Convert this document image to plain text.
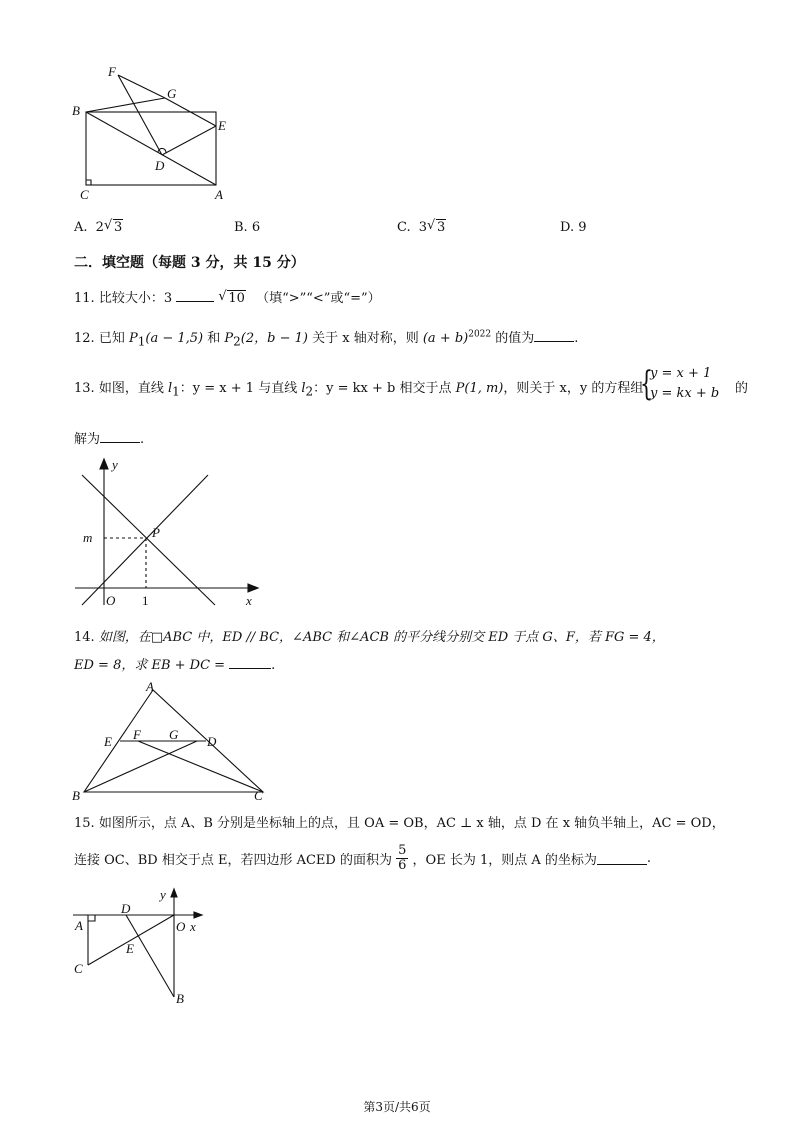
F
G
B
E
D
C	A
A. 2 √ 3	B. 6	C. 3 √ 3	D. 9
二．填空题（每题 3 分，共 15 分）
11. 比较大小：3	√ 10 （填“>”“<”或“=”）
12. 已知 $P_1(a - 1,5)$ 和 $P_2(2$，b − 1) 关于 x 轴对称，则 $(a + b)^{2022}$ 的值为	.
13. 如图，直线 $l_1$：y = x + 1 与直线 $l_2$：y = kx + b 相交于点 P(1, m)，则关于 x，y 的方程组
{
y = x + 1
y = kx + b 的
解为	.
y
x
O
m
1
P
14. 如图，在□ABC 中，ED // BC，∠ABC 和∠ACB 的平分线分别交 ED 于点 G、F，若 FG = 4，
ED = 8，求 EB + DC =	.
A
E F G D
B	C
15. 如图所示，点 A、B 分别是坐标轴上的点，且 OA = OB，AC ⊥ x 轴，点 D 在 x 轴负半轴上，AC = OD，
连接 OC、BD 相交于点 E，若四边形 ACED 的面积为 $\frac{5}{6}$ ，OE 长为 1，则点 A 的坐标为	.
y
D
A	O x
E
C
B
第3页/共6页
